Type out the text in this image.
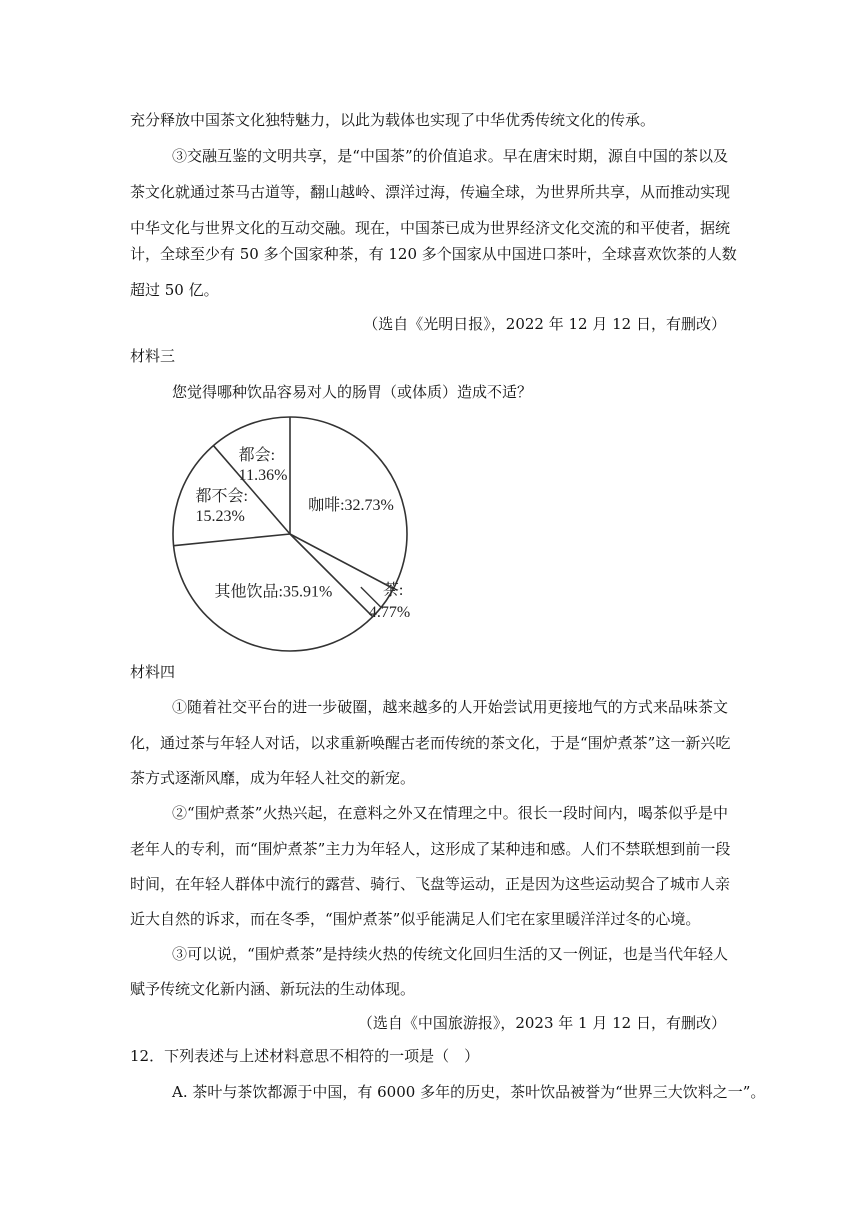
充分释放中国茶文化独特魅力，以此为载体也实现了中华优秀传统文化的传承。
③交融互鉴的文明共享，是“中国茶”的价值追求。早在唐宋时期，源自中国的茶以及
茶文化就通过茶马古道等，翻山越岭、漂洋过海，传遍全球，为世界所共享，从而推动实现
中华文化与世界文化的互动交融。现在，中国茶已成为世界经济文化交流的和平使者，据统
计，全球至少有 50 多个国家种茶，有 120 多个国家从中国进口茶叶，全球喜欢饮茶的人数
超过 50 亿。
（选自《光明日报》，2022 年 12 月 12 日，有删改）
材料三
您觉得哪种饮品容易对人的肠胃（或体质）造成不适？
咖啡:32.73%
茶:
4.77%
其他饮品:35.91%
都不会:
15.23%
都会:
11.36%
材料四
①随着社交平台的进一步破圈，越来越多的人开始尝试用更接地气的方式来品味茶文
化，通过茶与年轻人对话，以求重新唤醒古老而传统的茶文化，于是“围炉煮茶”这一新兴吃
茶方式逐渐风靡，成为年轻人社交的新宠。
②“围炉煮茶”火热兴起，在意料之外又在情理之中。很长一段时间内，喝茶似乎是中
老年人的专利，而“围炉煮茶”主力为年轻人，这形成了某种违和感。人们不禁联想到前一段
时间，在年轻人群体中流行的露营、骑行、飞盘等运动，正是因为这些运动契合了城市人亲
近大自然的诉求，而在冬季，“围炉煮茶”似乎能满足人们宅在家里暖洋洋过冬的心境。
③可以说，“围炉煮茶”是持续火热的传统文化回归生活的又一例证，也是当代年轻人
赋予传统文化新内涵、新玩法的生动体现。
（选自《中国旅游报》，2023 年 1 月 12 日，有删改）
12．下列表述与上述材料意思不相符的一项是（　）
A. 茶叶与茶饮都源于中国，有 6000 多年的历史，茶叶饮品被誉为“世界三大饮料之一”。
